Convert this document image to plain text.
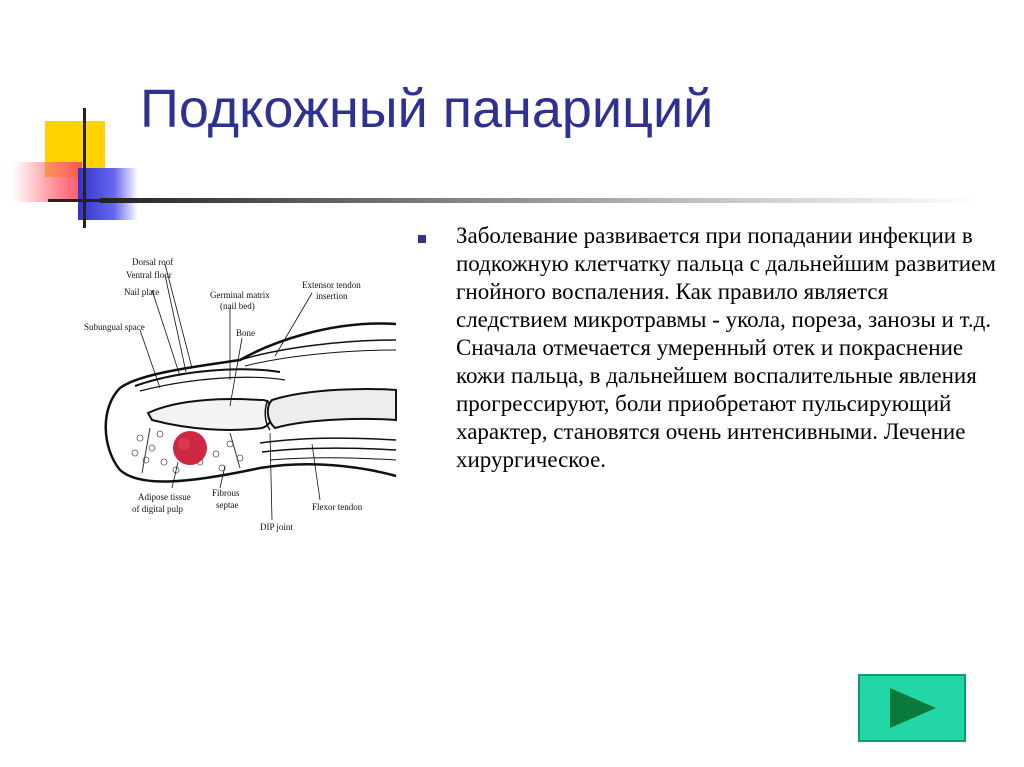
Подкожный панариций
Заболевание развивается при попадании инфекции в подкожную клетчатку пальца с дальнейшим развитием гнойного воспаления. Как правило является следствием микротравмы - укола, пореза, занозы и т.д. Сначала отмечается умеренный отек и покраснение кожи пальца, в дальнейшем воспалительные явления прогрессируют, боли приобретают пульсирующий характер, становятся очень интенсивными. Лечение хирургическое.
Dorsal roof
Ventral floor
Nail plate	Germinal matrix
(nail bed)
Extensor tendon
insertion
Subungual space
Bone
Adipose tissue
of digital pulp
Fibrous
septae
DIP joint
Flexor tendon
